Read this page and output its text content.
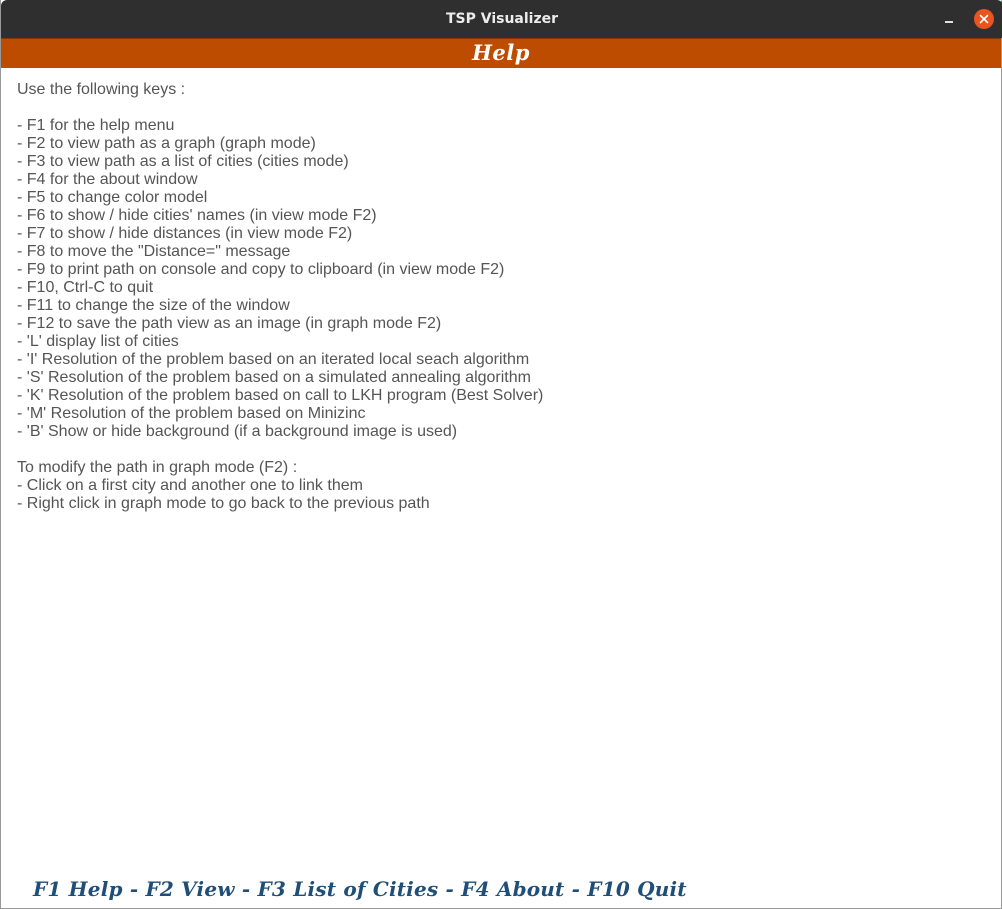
TSP Visualizer
Help
Use the following keys :
- F1 for the help menu
- F2 to view path as a graph (graph mode)
- F3 to view path as a list of cities (cities mode)
- F4 for the about window
- F5 to change color model
- F6 to show / hide cities' names (in view mode F2)
- F7 to show / hide distances (in view mode F2)
- F8 to move the "Distance=" message
- F9 to print path on console and copy to clipboard (in view mode F2)
- F10, Ctrl-C to quit
- F11 to change the size of the window
- F12 to save the path view as an image (in graph mode F2)
- 'L' display list of cities
- 'I' Resolution of the problem based on an iterated local seach algorithm
- 'S' Resolution of the problem based on a simulated annealing algorithm
- 'K' Resolution of the problem based on call to LKH program (Best Solver)
- 'M' Resolution of the problem based on Minizinc
- 'B' Show or hide background (if a background image is used)
To modify the path in graph mode (F2) :
- Click on a first city and another one to link them
- Right click in graph mode to go back to the previous path
F1 Help - F2 View - F3 List of Cities - F4 About - F10 Quit
